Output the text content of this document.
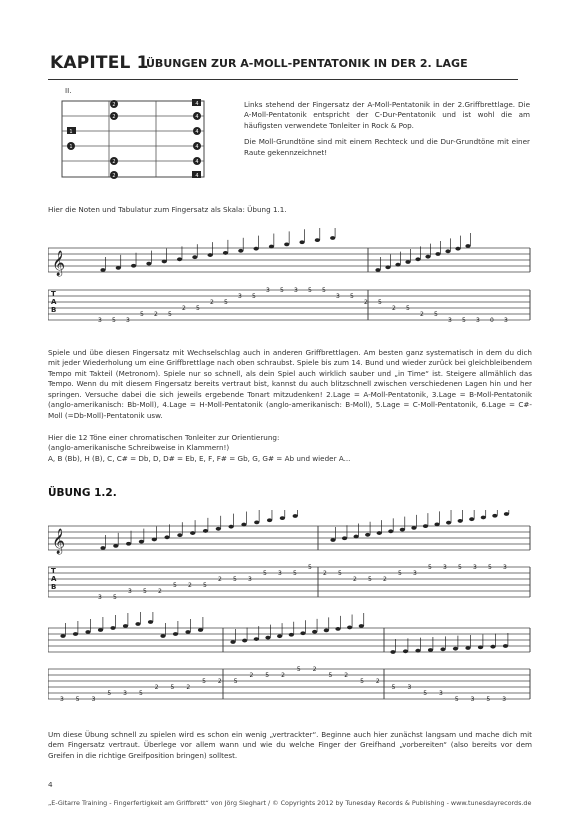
KAPITEL 1
ÜBUNGEN ZUR A-MOLL-PENTATONIK IN DER 2. LAGE
II.
2	4
2	4
1	4
1	4
2	4
2	4

Links stehend der Fingersatz der A-Moll-Pentatonik in der 2.Griffbrettlage. Die A-Moll-Pentatonik entspricht der C-Dur-Pentatonik und ist wohl die am häufigsten verwendete Tonleiter in Rock & Pop.

Die Moll-Grundtöne sind mit einem Rechteck und die Dur-Grundtöne mit einer Raute gekennzeichnet!

Hier die Noten und Tabulatur zum Fingersatz als Skala: Übung 1.1.
𝄞
T
A
B
3 5 3
5 2 5
2 5
2 5
3 5
3 5 3 5 5
3 5
2 5
2 5
2 5
3 5 3 0 3
Spiele und übe diesen Fingersatz mit Wechselschlag auch in anderen Griffbrettlagen. Am besten ganz systematisch in dem du dich mit jeder Wiederholung um eine Griffbrettlage nach oben schraubst. Spiele bis zum 14. Bund und wieder zurück bei gleichbleibendem Tempo mit Takteil (Metronom). Spiele nur so schnell, als dein Spiel auch wirklich sauber und „in Time“ ist. Steigere allmählich das Tempo. Wenn du mit diesem Fingersatz bereits vertraut bist, kannst du auch blitzschnell zwischen verschiedenen Lagen hin und her springen. Versuche dabei die sich jeweils ergebende Tonart mitzudenken! 2.Lage = A-Moll-Pentatonik, 3.Lage = B-Moll-Pentatonik (anglo-amerikanisch: Bb-Moll), 4.Lage = H-Moll-Pentatonik (anglo-amerikanisch: B-Moll), 5.Lage = C-Moll-Pentatonik, 6.Lage = C#-Moll (=Db-Moll)-Pentatonik usw.
Hier die 12 Töne einer chromatischen Tonleiter zur Orientierung:
(anglo-amerikanische Schreibweise in Klammern!)
A, B (Bb), H (B), C, C# = Db, D, D# = Eb, E, F, F# = Gb, G, G# = Ab und wieder A...
ÜBUNG 1.2.
𝄞
T
A
B
3 5
3 5 2
5 2 5
2 5 3
5 3 5
5
2 5
2 5 2
5 3
5 3 5 3 5 3
3 5 3
5 3 5
2 5 2
5 2 5
2 5 2
5 2
5 2
5 2
5 3
5 3
5 3 5 3
Um diese Übung schnell zu spielen wird es schon ein wenig „vertrackter“. Beginne auch hier zunächst langsam und mache dich mit dem Fingersatz vertraut. Überlege vor allem wann und wie du welche Finger der Greifhand „vorbereiten“ (also bereits vor dem Greifen in die richtige Greifposition bringen) solltest.
4
„E-Gitarre Training - Fingerfertigkeit am Griffbrett“ von Jörg Sieghart / © Copyrights 2012 by Tunesday Records & Publishing - www.tunesdayrecords.de
